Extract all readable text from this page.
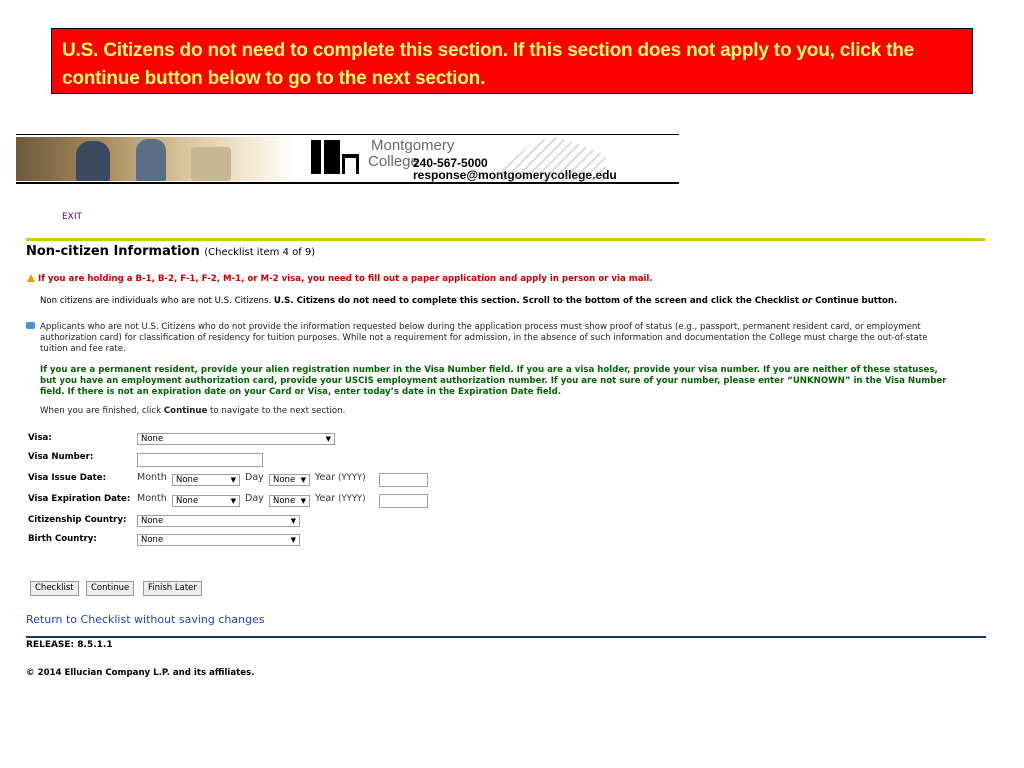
U.S. Citizens do not need to complete this section. If this section does not apply to you, click the
continue button below to go to the next section.
Montgomery
College
240-567-5000
response@montgomerycollege.edu
EXIT
Non-citizen Information (Checklist item 4 of 9)
If you are holding a B-1, B-2, F-1, F-2, M-1, or M-2 visa, you need to fill out a paper application and apply in person or via mail.
Non citizens are individuals who are not U.S. Citizens. U.S. Citizens do not need to complete this section. Scroll to the bottom of the screen and click the Checklist or Continue button.
Applicants who are not U.S. Citizens who do not provide the information requested below during the application process must show proof of status (e.g., passport, permanent resident card, or employment
authorization card) for classification of residency for tuition purposes. While not a requirement for admission, in the absence of such information and documentation the College must charge the out-of-state
tuition and fee rate.
If you are a permanent resident, provide your alien registration number in the Visa Number field. If you are a visa holder, provide your visa number. If you are neither of these statuses,
but you have an employment authorization card, provide your USCIS employment authorization number. If you are not sure of your number, please enter “UNKNOWN” in the Visa Number
field. If there is not an expiration date on your Card or Visa, enter today’s date in the Expiration Date field.
When you are finished, click Continue to navigate to the next section.
Visa:	None	▼
Visa Number:
Visa Issue Date:	Month	None	▼ Day	None ▼ Year (YYYY)
Visa Expiration Date: Month	None	▼ Day	None ▼ Year (YYYY)
Citizenship Country:	None	▼
Birth Country:	None	▼
Checklist	Continue	Finish Later
Return to Checklist without saving changes
RELEASE: 8.5.1.1
© 2014 Ellucian Company L.P. and its affiliates.
